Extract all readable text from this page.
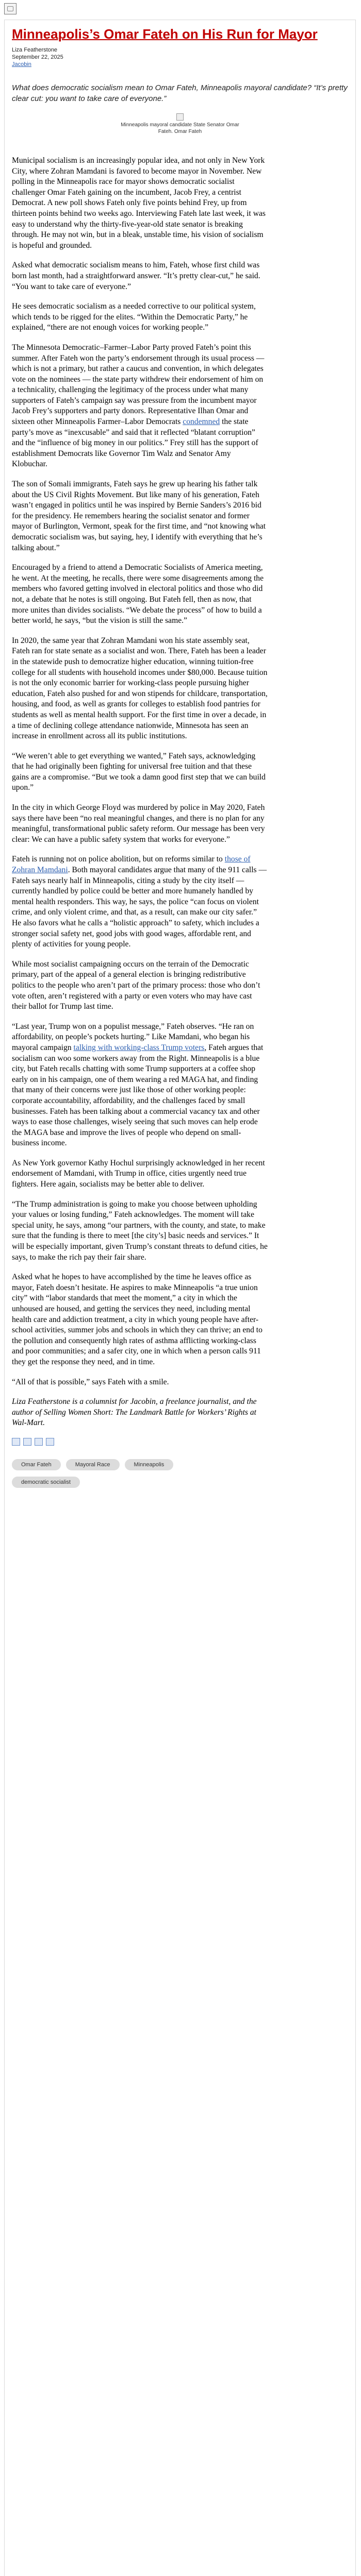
Minneapolis’s Omar Fateh on His Run for Mayor
Liza Featherstone
September 22, 2025
Jacobin

What does democratic socialism mean to Omar Fateh, Minneapolis mayoral candidate? “It’s pretty clear cut: you want to take care of everyone.”

Minneapolis mayoral candidate State Senator Omar
Fateh. Omar Fateh

Municipal socialism is an increasingly popular idea, and not only in New York City, where Zohran Mamdani is favored to become mayor in November. New polling in the Minneapolis race for mayor shows democratic socialist challenger Omar Fateh gaining on the incumbent, Jacob Frey, a centrist Democrat. A new poll shows Fateh only five points behind Frey, up from thirteen points behind two weeks ago. Interviewing Fateh late last week, it was easy to understand why the thirty-five-year-old state senator is breaking through. He may not win, but in a bleak, unstable time, his vision of socialism is hopeful and grounded.

Asked what democratic socialism means to him, Fateh, whose first child was born last month, had a straightforward answer. “It’s pretty clear-cut,” he said. “You want to take care of everyone.”

He sees democratic socialism as a needed corrective to our political system, which tends to be rigged for the elites. “Within the Democratic Party,” he explained, “there are not enough voices for working people.”

The Minnesota Democratic–Farmer–Labor Party proved Fateh’s point this summer. After Fateh won the party’s endorsement through its usual process — which is not a primary, but rather a caucus and convention, in which delegates vote on the nominees — the state party withdrew their endorsement of him on a technicality, challenging the legitimacy of the process under what many supporters of Fateh’s campaign say was pressure from the incumbent mayor Jacob Frey’s supporters and party donors. Representative Ilhan Omar and sixteen other Minneapolis Farmer–Labor Democrats condemned the state party’s move as “inexcusable” and said that it reflected “blatant corruption” and the “influence of big money in our politics.” Frey still has the support of establishment Democrats like Governor Tim Walz and Senator Amy Klobuchar.

The son of Somali immigrants, Fateh says he grew up hearing his father talk about the US Civil Rights Movement. But like many of his generation, Fateh wasn’t engaged in politics until he was inspired by Bernie Sanders’s 2016 bid for the presidency. He remembers hearing the socialist senator and former mayor of Burlington, Vermont, speak for the first time, and “not knowing what democratic socialism was, but saying, hey, I identify with everything that he’s talking about.”

Encouraged by a friend to attend a Democratic Socialists of America meeting, he went. At the meeting, he recalls, there were some disagreements among the members who favored getting involved in electoral politics and those who did not, a debate that he notes is still ongoing. But Fateh fell, then as now, that more unites than divides socialists. “We debate the process” of how to build a better world, he says, “but the vision is still the same.”

In 2020, the same year that Zohran Mamdani won his state assembly seat, Fateh ran for state senate as a socialist and won. There, Fateh has been a leader in the statewide push to democratize higher education, winning tuition-free college for all students with household incomes under $80,000. Because tuition is not the only economic barrier for working-class people pursuing higher education, Fateh also pushed for and won stipends for childcare, transportation, housing, and food, as well as grants for colleges to establish food pantries for students as well as mental health support. For the first time in over a decade, in a time of declining college attendance nationwide, Minnesota has seen an increase in enrollment across all its public institutions.

“We weren’t able to get everything we wanted,” Fateh says, acknowledging that he had originally been fighting for universal free tuition and that these gains are a compromise. “But we took a damn good first step that we can build upon.”

In the city in which George Floyd was murdered by police in May 2020, Fateh says there have been “no real meaningful changes, and there is no plan for any meaningful, transformational public safety reform. Our message has been very clear: We can have a public safety system that works for everyone.”

Fateh is running not on police abolition, but on reforms similar to those of Zohran Mamdani. Both mayoral candidates argue that many of the 911 calls — Fateh says nearly half in Minneapolis, citing a study by the city itself — currently handled by police could be better and more humanely handled by mental health responders. This way, he says, the police “can focus on violent crime, and only violent crime, and that, as a result, can make our city safer.” He also favors what he calls a “holistic approach” to safety, which includes a stronger social safety net, good jobs with good wages, affordable rent, and plenty of activities for young people.

While most socialist campaigning occurs on the terrain of the Democratic primary, part of the appeal of a general election is bringing redistributive politics to the people who aren’t part of the primary process: those who don’t vote often, aren’t registered with a party or even voters who may have cast their ballot for Trump last time.

“Last year, Trump won on a populist message,” Fateh observes. “He ran on affordability, on people’s pockets hurting.” Like Mamdani, who began his mayoral campaign talking with working-class Trump voters, Fateh argues that socialism can woo some workers away from the Right. Minneapolis is a blue city, but Fateh recalls chatting with some Trump supporters at a coffee shop early on in his campaign, one of them wearing a red MAGA hat, and finding that many of their concerns were just like those of other working people: corporate accountability, affordability, and the challenges faced by small businesses. Fateh has been talking about a commercial vacancy tax and other ways to ease those challenges, wisely seeing that such moves can help erode the MAGA base and improve the lives of people who depend on small-business income.

As New York governor Kathy Hochul surprisingly acknowledged in her recent endorsement of Mamdani, with Trump in office, cities urgently need true fighters. Here again, socialists may be better able to deliver.

“The Trump administration is going to make you choose between upholding your values or losing funding,” Fateh acknowledges. The moment will take special unity, he says, among “our partners, with the county, and state, to make sure that the funding is there to meet [the city’s] basic needs and services.” It will be especially important, given Trump’s constant threats to defund cities, he says, to make the rich pay their fair share.

Asked what he hopes to have accomplished by the time he leaves office as mayor, Fateh doesn’t hesitate. He aspires to make Minneapolis “a true union city” with “labor standards that meet the moment,” a city in which the unhoused are housed, and getting the services they need, including mental health care and addiction treatment, a city in which young people have after-school activities, summer jobs and schools in which they can thrive; an end to the pollution and consequently high rates of asthma afflicting working-class and poor communities; and a safer city, one in which when a person calls 911 they get the response they need, and in time.

“All of that is possible,” says Fateh with a smile.

Liza Featherstone is a columnist for Jacobin, a freelance journalist, and the author of Selling Women Short: The Landmark Battle for Workers’ Rights at Wal-Mart.

Omar Fateh	Mayoral Race	Minneapolis
democratic socialist
